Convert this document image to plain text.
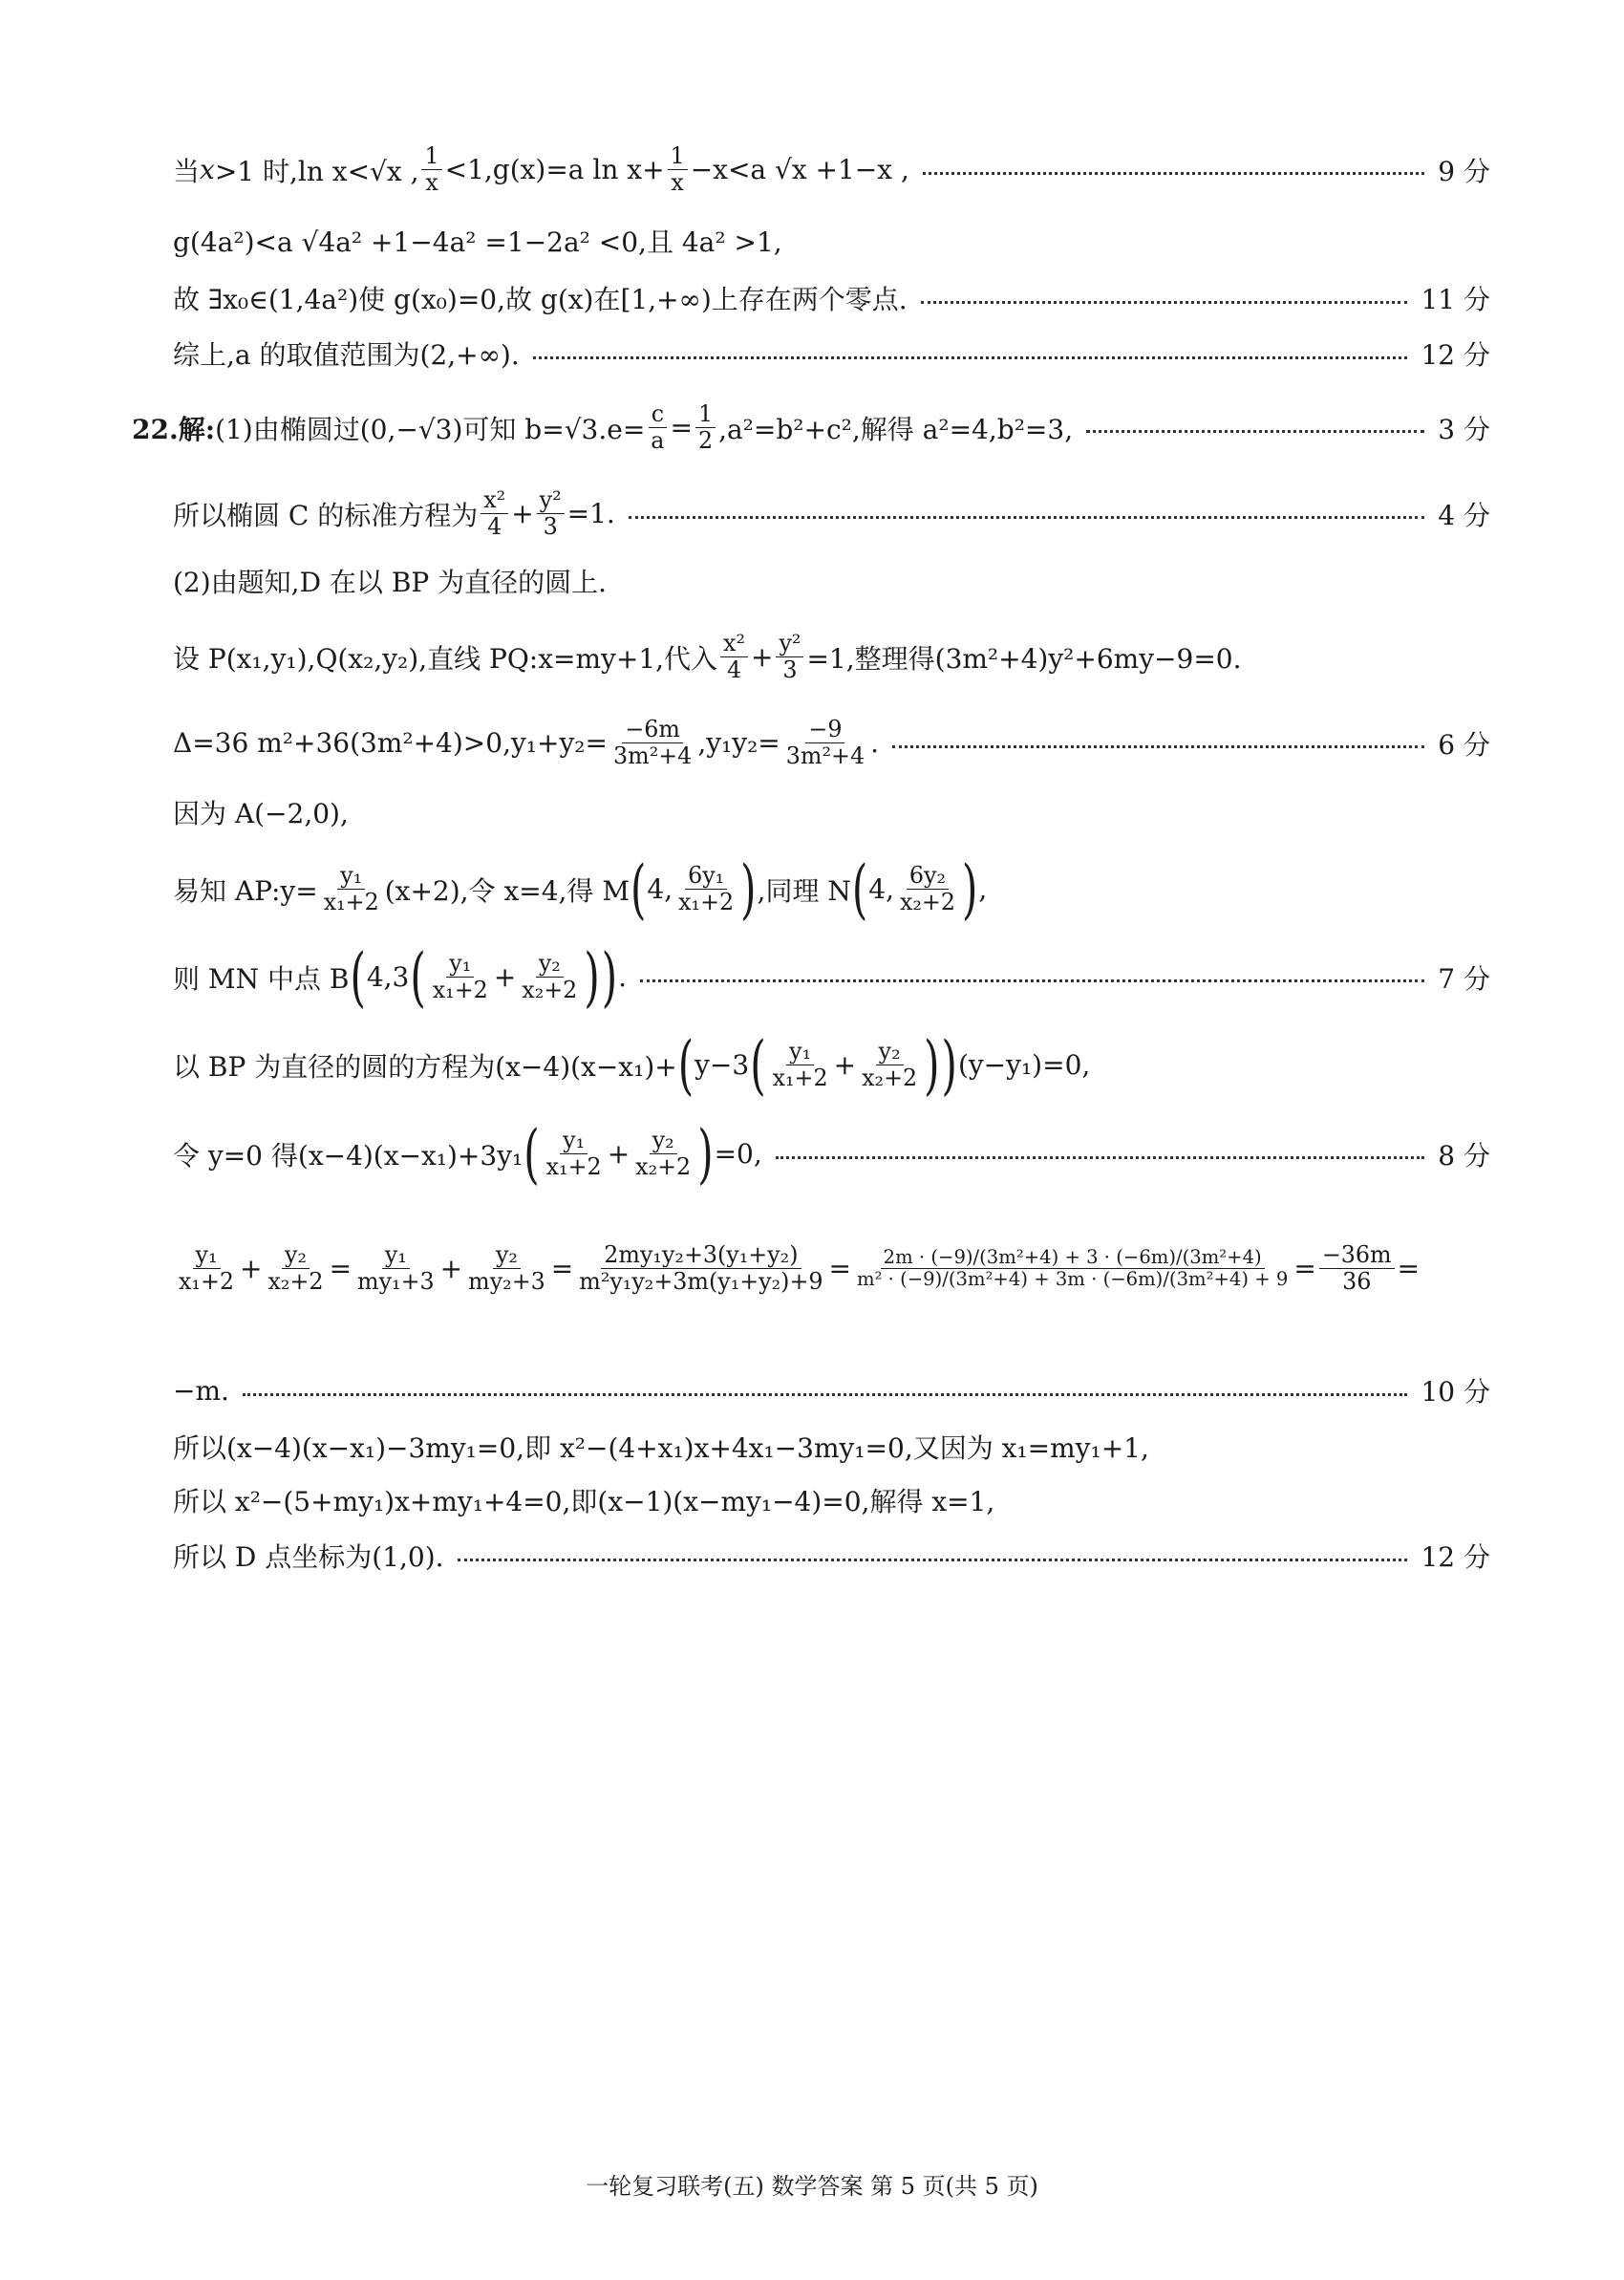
当 x >1 时,ln x<√x , $\frac{1}{x} <1,g(x)=a$ $\ln x+ \frac{1}{x} -x<a$ √x +1−x ,	9 分
g(4a²)<a √4a² +1−4a² =1−2a² <0,且 4a² >1,
故 ∃x₀∈(1,4a²)使 g(x₀)=0,故 g(x)在[1,+∞)上存在两个零点.	11 分
综上,a 的取值范围为(2,+∞).	12 分
22.解: (1)由椭圆过(0,−√3)可知 $b=√3.e= \frac{c}{a} = \frac{1}{2} ,a^2=b^2+c^2$,解得 a²=4,b²=3,	3 分
所以椭圆 C 的标准方程为 $\frac{\text{x²}}{4} + \frac{\text{y²}}{3} =1$.	4 分
(2)由题知,D 在以 BP 为直径的圆上.
设 P(x₁,y₁),Q(x₂,y₂),直线 PQ:x=my+1,代入 $\frac{\text{x²}}{4} + \frac{\text{y²}}{3} =1$,整理得(3m²+4)y²+6my−9=0.
Δ=36 $m^2+36(3m^2+4)>0,y_1+y_2= \frac{-6m}{\text{3m²+4}} ,y_1y_2= \frac{-9}{\text{3m²+4}}$ .	6 分
因为 A(−2,0),
易知 AP:y= $\frac{\text{y₁}}{\text{x₁+2}} (x+2)$,令 x=4,得 M ( 4, $\frac{\text{6y₁}}{\text{x₁+2}}$ ) ,同理 N ( 4, $\frac{\text{6y₂}}{\text{x₂+2}}$ ) ,
则 MN 中点 B ( 4,3 ( $\frac{\text{y₁}}{\text{x₁+2}} + \frac{\text{y₂}}{\text{x₂+2}}$ ) ) .	7 分
以 BP 为直径的圆的方程为(x−4)(x−x₁)+ ( y−3 ( $\frac{\text{y₁}}{\text{x₁+2}} + \frac{\text{y₂}}{\text{x₂+2}}$ ) ) (y−y₁)=0,
令 y=0 得(x−4)(x−x₁)+3y₁ ( $\frac{\text{y₁}}{\text{x₁+2}} + \frac{\text{y₂}}{\text{x₂+2}}$ ) =0,	8 分
$\frac{\text{y₁}}{\text{x₁+2}} + \frac{\text{y₂}}{\text{x₂+2}} = \frac{\text{y₁}}{\text{my₁+3}} + \frac{\text{y₂}}{\text{my₂+3}} = \frac{\text{2my₁y₂+3(y₁+y₂)}}{\text{m²y₁y₂+3m(y₁+y₂)+9}} = \frac{\text{2m · (−9)/(3m²+4) + 3 · (−6m)/(3m²+4)}}{\text{m² · (−9)/(3m²+4) + 3m · (−6m)/(3m²+4) + 9}} = \frac{-36m}{36}$ =
−m.	10 分
所以(x−4)(x−x₁)−3my₁=0,即 x²−(4+x₁)x+4x₁−3my₁=0,又因为 x₁=my₁+1,
所以 x²−(5+my₁)x+my₁+4=0,即(x−1)(x−my₁−4)=0,解得 x=1,
所以 D 点坐标为(1,0).	12 分
一轮复习联考(五) 数学答案 第 5 页(共 5 页)
